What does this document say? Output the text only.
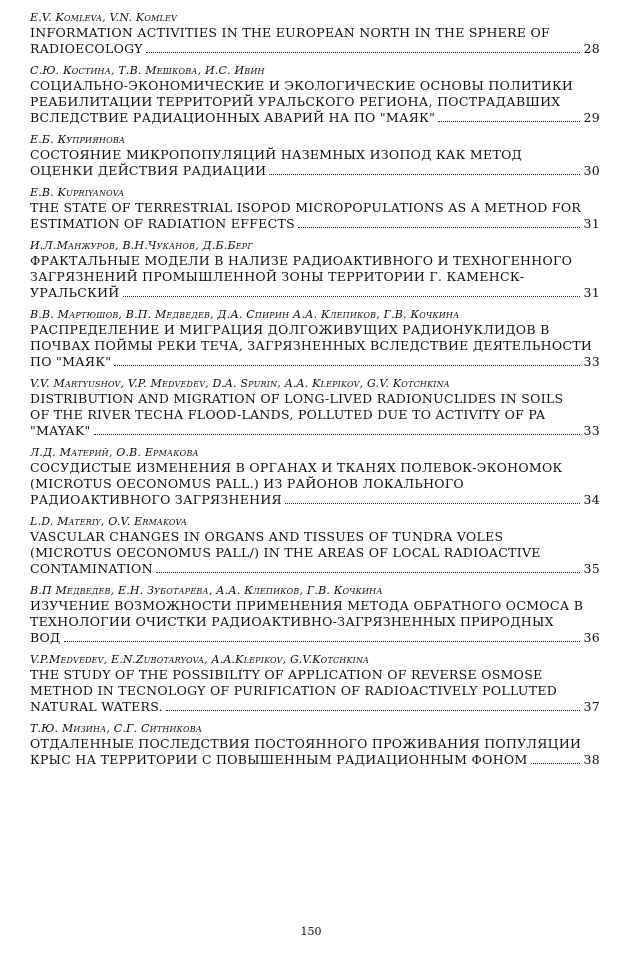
E.V. Komleva, V.N. Komlev
INFORMATION ACTIVITIES IN THE EUROPEAN NORTH IN THE SPHERE OF
RADIOECOLOGY	28
С.Ю. Костина, Т.В. Мешкова, И.С. Ивин
СОЦИАЛЬНО-ЭКОНОМИЧЕСКИЕ И ЭКОЛОГИЧЕСКИЕ ОСНОВЫ ПОЛИТИКИ
РЕАБИЛИТАЦИИ ТЕРРИТОРИЙ УРАЛЬСКОГО РЕГИОНА, ПОСТРАДАВШИХ
ВСЛЕДСТВИЕ РАДИАЦИОННЫХ АВАРИЙ НА ПО "МАЯК"	29
Е.Б. Куприянова
СОСТОЯНИЕ МИКРОПОПУЛЯЦИЙ НАЗЕМНЫХ ИЗОПОД КАК МЕТОД
ОЦЕНКИ ДЕЙСТВИЯ РАДИАЦИИ	30
E.B. Kupriyanova
THE STATE OF TERRESTRIAL ISOPOD MICROPOPULATIONS AS A METHOD FOR
ESTIMATION OF RADIATION EFFECTS	31
И.Л.Манжуров, В.Н.Чуканов, Д.Б.Берг
ФРАКТАЛЬНЫЕ МОДЕЛИ В НАЛИЗЕ РАДИОАКТИВНОГО И ТЕХНОГЕННОГО
ЗАГРЯЗНЕНИЙ ПРОМЫШЛЕННОЙ ЗОНЫ ТЕРРИТОРИИ Г. КАМЕНСК-
УРАЛЬСКИЙ	31
В.В. Мартюшов, В.П. Медведев, Д.А. Спирин А.А. Клепиков, Г.В. Кочкина
РАСПРЕДЕЛЕНИЕ И МИГРАЦИЯ ДОЛГОЖИВУЩИХ РАДИОНУКЛИДОВ В
ПОЧВАХ ПОЙМЫ РЕКИ ТЕЧА, ЗАГРЯЗНЕННЫХ ВСЛЕДСТВИЕ ДЕЯТЕЛЬНОСТИ
ПО "МАЯК"	33
V.V. Martyushov, V.P. Medvedev, D.A. Spurin, A.A. Klepikov, G.V. Kotchkina
DISTRIBUTION AND MIGRATION OF LONG-LIVED RADIONUCLIDES IN SOILS
OF THE RIVER TECHA FLOOD-LANDS, POLLUTED DUE TO ACTIVITY OF PA
"MAYAK"	33
Л.Д. Материй, О.В. Ермакова
СОСУДИСТЫЕ ИЗМЕНЕНИЯ В ОРГАНАХ И ТКАНЯХ ПОЛЕВОК-ЭКОНОМОК
(MICROTUS OECONOMUS PALL.) ИЗ РАЙОНОВ ЛОКАЛЬНОГО
РАДИОАКТИВНОГО ЗАГРЯЗНЕНИЯ	34
L.D. Materiy, O.V. Ermakova
VASCULAR CHANGES IN ORGANS AND TISSUES OF TUNDRA VOLES
(MICROTUS OECONOMUS PALL/) IN THE AREAS OF LOCAL RADIOACTIVE
CONTAMINATION	35
В.П Медведев, Е.Н. Зуботарева, А.А. Клепиков, Г.В. Кочкина
ИЗУЧЕНИЕ ВОЗМОЖНОСТИ ПРИМЕНЕНИЯ МЕТОДА ОБРАТНОГО ОСМОСА В
ТЕХНОЛОГИИ ОЧИСТКИ РАДИОАКТИВНО-ЗАГРЯЗНЕННЫХ ПРИРОДНЫХ
ВОД	36
V.P.Medvedev, E.N.Zubotaryova, A.A.Klepikov, G.V.Kotchkina
THE STUDY OF THE POSSIBILITY OF APPLICATION OF REVERSE OSMOSE
METHOD IN TECNOLOGY OF PURIFICATION OF RADIOACTIVELY POLLUTED
NATURAL WATERS.	37
Т.Ю. Мизина, С.Г. Ситникова
ОТДАЛЕННЫЕ ПОСЛЕДСТВИЯ ПОСТОЯННОГО ПРОЖИВАНИЯ ПОПУЛЯЦИИ
КРЫС НА ТЕРРИТОРИИ С ПОВЫШЕННЫМ РАДИАЦИОННЫМ ФОНОМ	38
150
